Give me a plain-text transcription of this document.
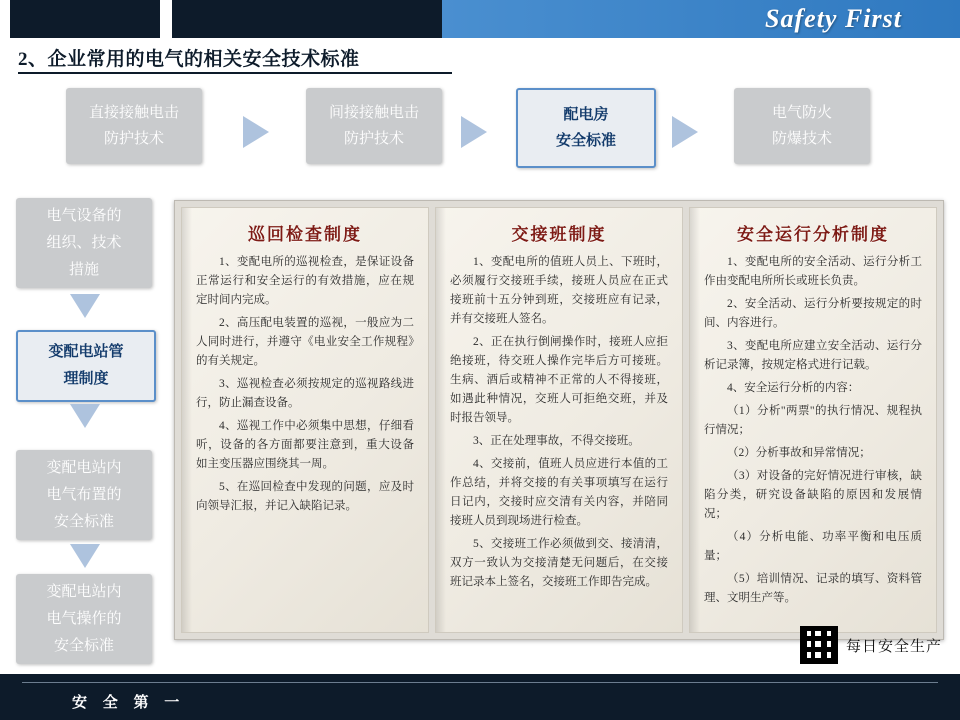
Safety First
2、企业常用的电气的相关安全技术标准
直接接触电击
防护技术
间接接触电击
防护技术
配电房
安全标准
电气防火
防爆技术
电气设备的
组织、技术
措施
变配电站管
理制度
变配电站内
电气布置的
安全标准
变配电站内
电气操作的
安全标准
巡回检查制度

1、变配电所的巡视检查，是保证设备正常运行和安全运行的有效措施，应在规定时间内完成。

2、高压配电装置的巡视，一般应为二人同时进行，并遵守《电业安全工作规程》的有关规定。

3、巡视检查必须按规定的巡视路线进行，防止漏查设备。

4、巡视工作中必须集中思想，仔细看听，设备的各方面都要注意到，重大设备如主变压器应围绕其一周。

5、在巡回检查中发现的问题，应及时向领导汇报，并记入缺陷记录。

交接班制度

1、变配电所的值班人员上、下班时，必须履行交接班手续，接班人员应在正式接班前十五分钟到班，交接班应有记录，并有交接班人签名。

2、正在执行倒闸操作时，接班人应拒绝接班，待交班人操作完毕后方可接班。生病、酒后或精神不正常的人不得接班，如遇此种情况，交班人可拒绝交班，并及时报告领导。

3、正在处理事故，不得交接班。

4、交接前，值班人员应进行本值的工作总结，并将交接的有关事项填写在运行日记内，交接时应交清有关内容，并陪同接班人员到现场进行检查。

5、交接班工作必须做到交、接清清，双方一致认为交接清楚无问题后，在交接班记录本上签名，交接班工作即告完成。

安全运行分析制度

1、变配电所的安全活动、运行分析工作由变配电所所长或班长负责。

2、安全活动、运行分析要按规定的时间、内容进行。

3、变配电所应建立安全活动、运行分析记录簿，按规定格式进行记载。

4、安全运行分析的内容：

（1）分析"两票"的执行情况、规程执行情况；

（2）分析事故和异常情况；

（3）对设备的完好情况进行审核，缺陷分类，研究设备缺陷的原因和发展情况；

（4）分析电能、功率平衡和电压质量；

（5）培训情况、记录的填写、资料管理、文明生产等。

每日安全生产
安 全 第 一
